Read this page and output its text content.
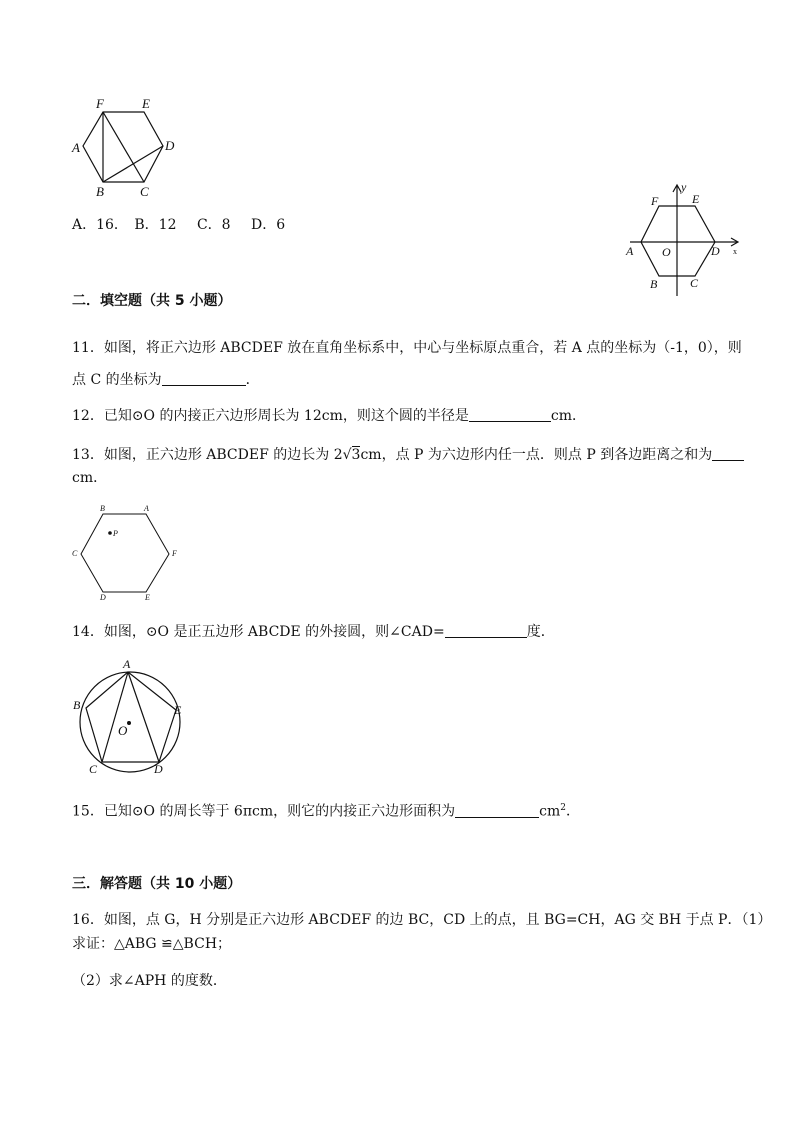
F	E
A	D
B	C
A．16． B．12 C．8 D．6
y
F	E
A O	D x
B	C
二．填空题（共 5 小题）
11．如图，将正六边形 ABCDEF 放在直角坐标系中，中心与坐标原点重合，若 A 点的坐标为（-1，0），则
点 C 的坐标为	．
12．已知⊙O 的内接正六边形周长为 12cm，则这个圆的半径是	cm．
13．如图，正六边形 ABCDEF 的边长为 2√3cm，点 P 为六边形内任一点．则点 P 到各边距离之和为
cm．
B	A
P
C	F
D	E
14．如图，⊙O 是正五边形 ABCDE 的外接圆，则∠CAD=	度．
A
B	E
O
C	D
15．已知⊙O 的周长等于 6πcm，则它的内接正六边形面积为	$cm^2$．
三．解答题（共 10 小题）
16．如图，点 G，H 分别是正六边形 ABCDEF 的边 BC，CD 上的点，且 BG=CH，AG 交 BH 于点 P．（1）
求证：△ABG ≌△BCH；
（2）求∠APH 的度数．
